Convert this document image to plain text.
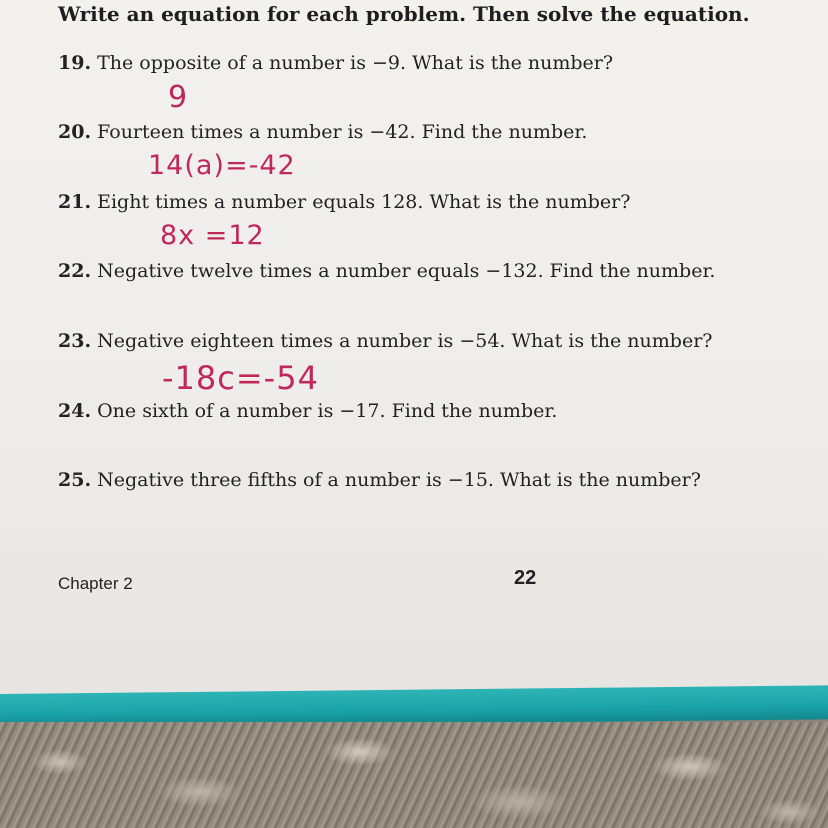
Write an equation for each problem. Then solve the equation.
19. The opposite of a number is −9. What is the number?
9
20. Fourteen times a number is −42. Find the number.
14(a)=-42
21. Eight times a number equals 128. What is the number?
8x =12
22. Negative twelve times a number equals −132. Find the number.
23. Negative eighteen times a number is −54. What is the number?
-18c=-54
24. One sixth of a number is −17. Find the number.
25. Negative three fifths of a number is −15. What is the number?
Chapter 2	22
